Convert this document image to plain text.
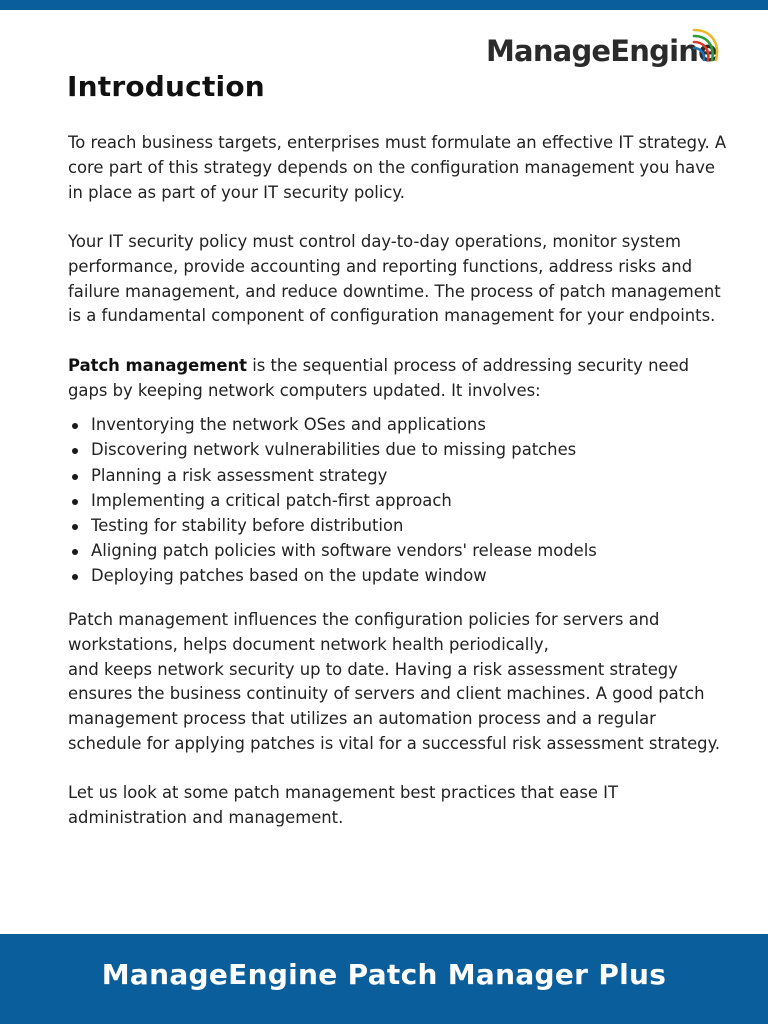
ManageEngine
Introduction

To reach business targets, enterprises must formulate an effective IT strategy. A core part of this strategy depends on the configuration management you have in place as part of your IT security policy.

Your IT security policy must control day-to-day operations, monitor system performance, provide accounting and reporting functions, address risks and failure management, and reduce downtime. The process of patch management is a fundamental component of configuration management for your endpoints.

Patch management is the sequential process of addressing security need gaps by keeping network computers updated. It involves:

Inventorying the network OSes and applications
Discovering network vulnerabilities due to missing patches
Planning a risk assessment strategy
Implementing a critical patch-first approach
Testing for stability before distribution
Aligning patch policies with software vendors' release models
Deploying patches based on the update window

Patch management influences the configuration policies for servers and
workstations, helps document network health periodically,
and keeps network security up to date. Having a risk assessment strategy ensures the business continuity of servers and client machines. A good patch management process that utilizes an automation process and a regular schedule for applying patches is vital for a successful risk assessment strategy.

Let us look at some patch management best practices that ease IT administration and management.

ManageEngine Patch Manager Plus
